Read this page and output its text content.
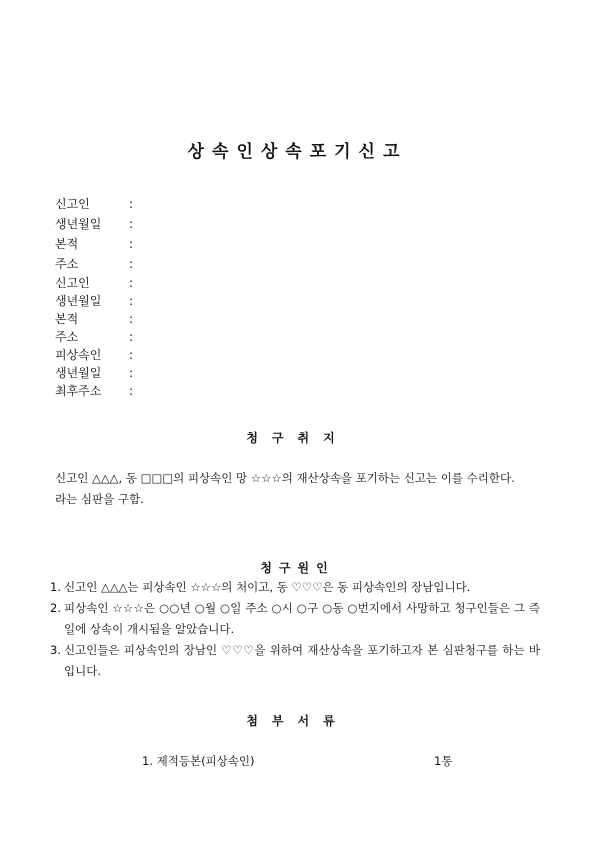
상속인상속포기신고
신고인	:
생년월일 :
본적	:
주소	:
신고인	:
생년월일 :
본적	:
주소	:
피상속인 :
생년월일 :
최후주소 :
청구취지

신고인 △△△, 동 □□□의 피상속인 망 ☆☆☆의 재산상속을 포기하는 신고는 이를 수리한다.

라는 심판을 구함.

청구원인
1. 신고인 △△△는 피상속인 ☆☆☆의 처이고, 동 ♡♡♡은 동 피상속인의 장남입니다.
2. 피상속인 ☆☆☆은 ○○년 ○월 ○일 주소 ○시 ○구 ○동 ○번지에서 사망하고 청구인들은 그 즉일에 상속이 개시됨을 알았습니다.
3. 신고인들은 피상속인의 장남인 ♡♡♡을 위하여 재산상속을 포기하고자 본 심판청구를 하는 바입니다.
첨부서류
1. 제적등본(피상속인)	1통
